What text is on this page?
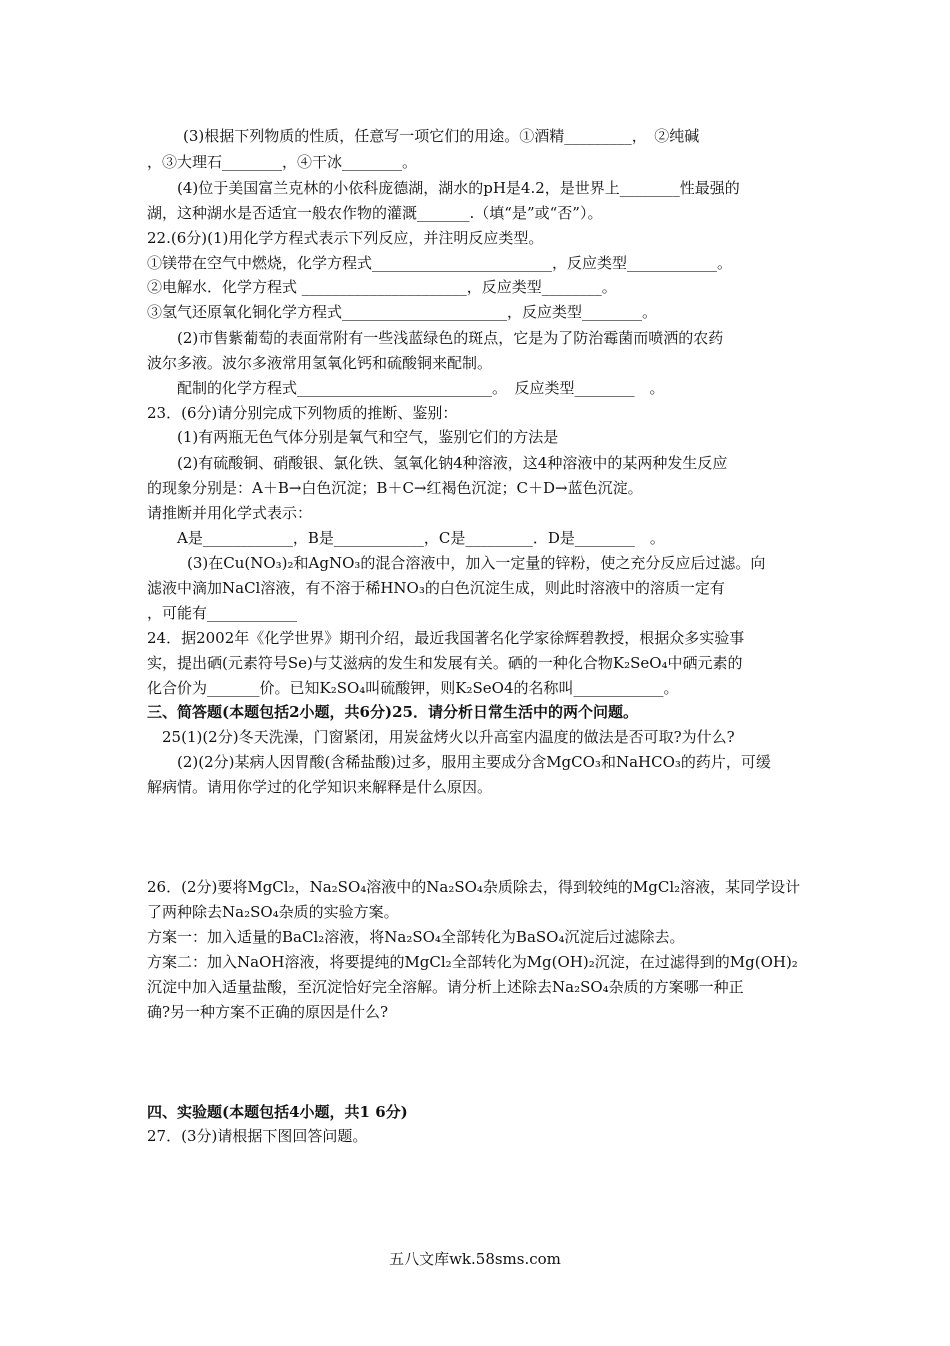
(3)根据下列物质的性质，任意写一项它们的用途。①酒精_________，　②纯碱
，③大理石________，④干冰________。
(4)位于美国富兰克林的小依科庞德湖，湖水的pH是4.2，是世界上________性最强的
湖，这种湖水是否适宜一般农作物的灌溉_______.（填“是”或“否”）。
22.(6分)(1)用化学方程式表示下列反应，并注明反应类型。
①镁带在空气中燃烧，化学方程式________________________，反应类型____________。
②电解水．化学方程式 ______________________，反应类型________。
③氢气还原氧化铜化学方程式______________________，反应类型________。
(2)市售紫葡萄的表面常附有一些浅蓝绿色的斑点，它是为了防治霉菌而喷洒的农药
波尔多液。波尔多液常用氢氧化钙和硫酸铜来配制。
配制的化学方程式__________________________。　反应类型________　。
23．(6分)请分别完成下列物质的推断、鉴别：
(1)有两瓶无色气体分别是氧气和空气，鉴别它们的方法是
(2)有硫酸铜、硝酸银、氯化铁、氢氧化钠4种溶液，这4种溶液中的某两种发生反应
的现象分别是：A＋B→白色沉淀；B＋C→红褐色沉淀；C＋D→蓝色沉淀。
请推断并用化学式表示：
A是____________，B是____________，C是_________．D是________　。
(3)在Cu(NO₃)₂和AgNO₃的混合溶液中，加入一定量的锌粉，使之充分反应后过滤。向
滤液中滴加NaCl溶液，有不溶于稀HNO₃的白色沉淀生成，则此时溶液中的溶质一定有
，可能有____________
24．据2002年《化学世界》期刊介绍，最近我国著名化学家徐辉碧教授，根据众多实验事
实，提出硒(元素符号Se)与艾滋病的发生和发展有关。硒的一种化合物K₂SeO₄中硒元素的
化合价为_______价。已知K₂SO₄叫硫酸钾，则K₂SeO4的名称叫____________。
三、简答题(本题包括2小题，共6分)25．请分析日常生活中的两个问题。
25(1)(2分)冬天洗澡，门窗紧闭，用炭盆烤火以升高室内温度的做法是否可取?为什么?
(2)(2分)某病人因胃酸(含稀盐酸)过多，服用主要成分含MgCO₃和NaHCO₃的药片，可缓
解病情。请用你学过的化学知识来解释是什么原因。
26．(2分)要将MgCl₂，Na₂SO₄溶液中的Na₂SO₄杂质除去，得到较纯的MgCl₂溶液，某同学设计
了两种除去Na₂SO₄杂质的实验方案。
方案一：加入适量的BaCl₂溶液，将Na₂SO₄全部转化为BaSO₄沉淀后过滤除去。
方案二：加入NaOH溶液，将要提纯的MgCl₂全部转化为Mg(OH)₂沉淀，在过滤得到的Mg(OH)₂
沉淀中加入适量盐酸，至沉淀恰好完全溶解。请分析上述除去Na₂SO₄杂质的方案哪一种正
确?另一种方案不正确的原因是什么?
四、实验题(本题包括4小题，共1 6分)
27．(3分)请根据下图回答问题。
五八文库wk.58sms.com
